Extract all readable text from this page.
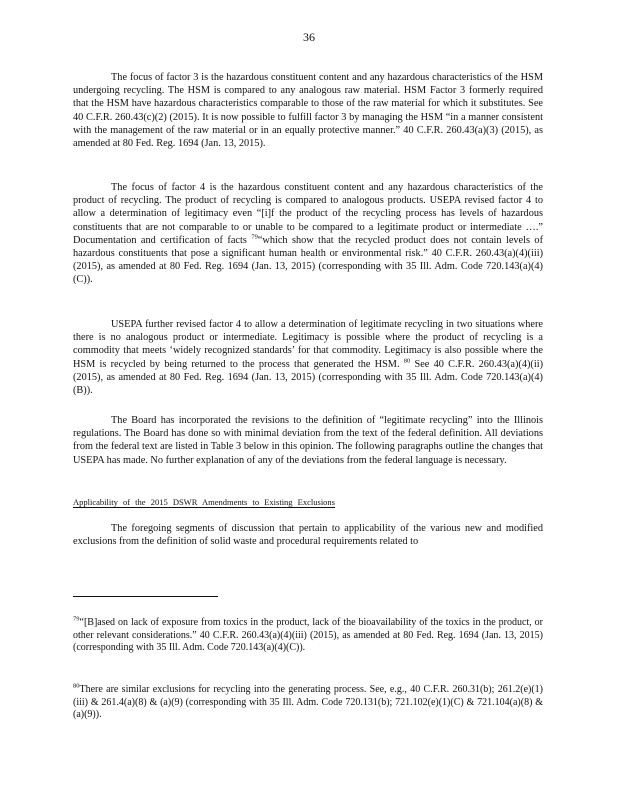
36

The focus of factor 3 is the hazardous constituent content and any hazardous characteristics of the HSM undergoing recycling. The HSM is compared to any analogous raw material. HSM Factor 3 formerly required that the HSM have hazardous characteristics comparable to those of the raw material for which it substitutes. See 40 C.F.R. 260.43(c)(2) (2015). It is now possible to fulfill factor 3 by managing the HSM “in a manner consistent with the management of the raw material or in an equally protective manner.” 40 C.F.R. 260.43(a)(3) (2015), as amended at 80 Fed. Reg. 1694 (Jan. 13, 2015).

The focus of factor 4 is the hazardous constituent content and any hazardous characteristics of the product of recycling. The product of recycling is compared to analogous products. USEPA revised factor 4 to allow a determination of legitimacy even “[i]f the product of the recycling process has levels of hazardous constituents that are not comparable to or unable to be compared to a legitimate product or intermediate ….” Documentation and certification of facts $^{79}$“which show that the recycled product does not contain levels of hazardous constituents that pose a significant human health or environmental risk.” 40 C.F.R. 260.43(a)(4)(iii) (2015), as amended at 80 Fed. Reg. 1694 (Jan. 13, 2015) (corresponding with 35 Ill. Adm. Code 720.143(a)(4)(C)).

USEPA further revised factor 4 to allow a determination of legitimate recycling in two situations where there is no analogous product or intermediate. Legitimacy is possible where the product of recycling is a commodity that meets ‘widely recognized standards’ for that commodity. Legitimacy is also possible where the HSM is recycled by being returned to the process that generated the HSM. $^{80}$ See 40 C.F.R. 260.43(a)(4)(ii) (2015), as amended at 80 Fed. Reg. 1694 (Jan. 13, 2015) (corresponding with 35 Ill. Adm. Code 720.143(a)(4)(B)).

The Board has incorporated the revisions to the definition of “legitimate recycling” into the Illinois regulations. The Board has done so with minimal deviation from the text of the federal definition. All deviations from the federal text are listed in Table 3 below in this opinion. The following paragraphs outline the changes that USEPA has made. No further explanation of any of the deviations from the federal language is necessary.

Applicability of the 2015 DSWR Amendments to Existing Exclusions

The foregoing segments of discussion that pertain to applicability of the various new and modified exclusions from the definition of solid waste and procedural requirements related to

$^{79}$“[B]ased on lack of exposure from toxics in the product, lack of the bioavailability of the toxics in the product, or other relevant considerations.” 40 C.F.R. 260.43(a)(4)(iii) (2015), as amended at 80 Fed. Reg. 1694 (Jan. 13, 2015) (corresponding with 35 Ill. Adm. Code 720.143(a)(4)(C)).
$^{80}$There are similar exclusions for recycling into the generating process. See, e.g., 40 C.F.R. 260.31(b); 261.2(e)(1)(iii) & 261.4(a)(8) & (a)(9) (corresponding with 35 Ill. Adm. Code 720.131(b); 721.102(e)(1)(C) & 721.104(a)(8) & (a)(9)).
